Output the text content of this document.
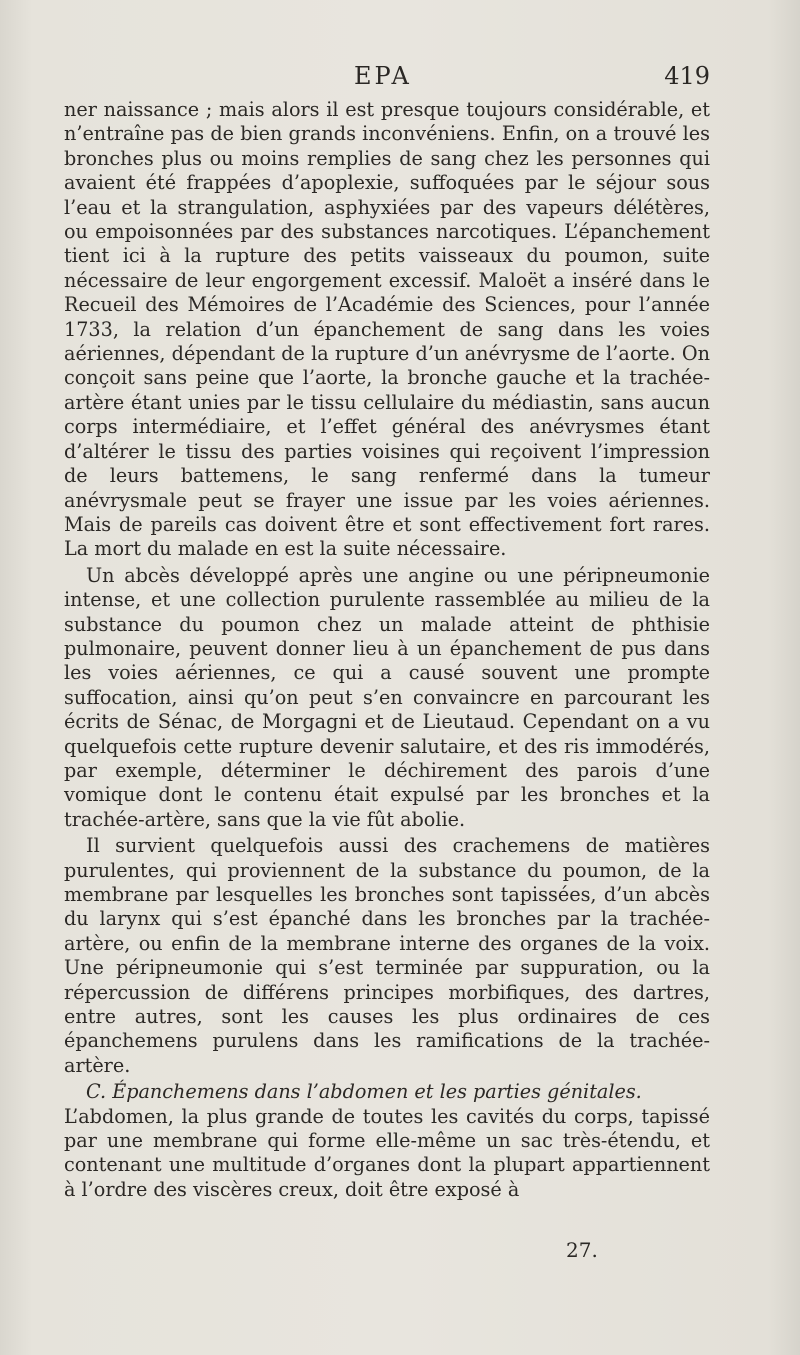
EPA	419

ner naissance ; mais alors il est presque toujours considérable, et n’entraîne pas de bien grands inconvéniens. Enfin, on a trouvé les bronches plus ou moins remplies de sang chez les personnes qui avaient été frappées d’apoplexie, suffoquées par le séjour sous l’eau et la strangulation, asphyxiées par des vapeurs délétères, ou empoisonnées par des substances narcotiques. L’épanchement tient ici à la rupture des petits vaisseaux du poumon, suite nécessaire de leur engorgement excessif. Maloët a inséré dans le Recueil des Mémoires de l’Académie des Sciences, pour l’année 1733, la relation d’un épanchement de sang dans les voies aériennes, dépendant de la rupture d’un anévrysme de l’aorte. On conçoit sans peine que l’aorte, la bronche gauche et la trachée-artère étant unies par le tissu cellulaire du médiastin, sans aucun corps intermédiaire, et l’effet général des anévrysmes étant d’altérer le tissu des parties voisines qui reçoivent l’impression de leurs battemens, le sang renfermé dans la tumeur anévrysmale peut se frayer une issue par les voies aériennes. Mais de pareils cas doivent être et sont effectivement fort rares. La mort du malade en est la suite nécessaire.

Un abcès développé après une angine ou une péripneumonie intense, et une collection purulente rassemblée au milieu de la substance du poumon chez un malade atteint de phthisie pulmonaire, peuvent donner lieu à un épanchement de pus dans les voies aériennes, ce qui a causé souvent une prompte suffocation, ainsi qu’on peut s’en convaincre en parcourant les écrits de Sénac, de Morgagni et de Lieutaud. Cependant on a vu quelquefois cette rupture devenir salutaire, et des ris immodérés, par exemple, déterminer le déchirement des parois d’une vomique dont le contenu était expulsé par les bronches et la trachée-artère, sans que la vie fût abolie.

Il survient quelquefois aussi des crachemens de matières purulentes, qui proviennent de la substance du poumon, de la membrane par lesquelles les bronches sont tapissées, d’un abcès du larynx qui s’est épanché dans les bronches par la trachée-artère, ou enfin de la membrane interne des organes de la voix. Une péripneumonie qui s’est terminée par suppuration, ou la répercussion de différens principes morbifiques, des dartres, entre autres, sont les causes les plus ordinaires de ces épanchemens purulens dans les ramifications de la trachée-artère.

C. Épanchemens dans l’abdomen et les parties génitales.
L’abdomen, la plus grande de toutes les cavités du corps, tapissé par une membrane qui forme elle-même un sac très-étendu, et contenant une multitude d’organes dont la plupart appartiennent à l’ordre des viscères creux, doit être exposé à

27.
